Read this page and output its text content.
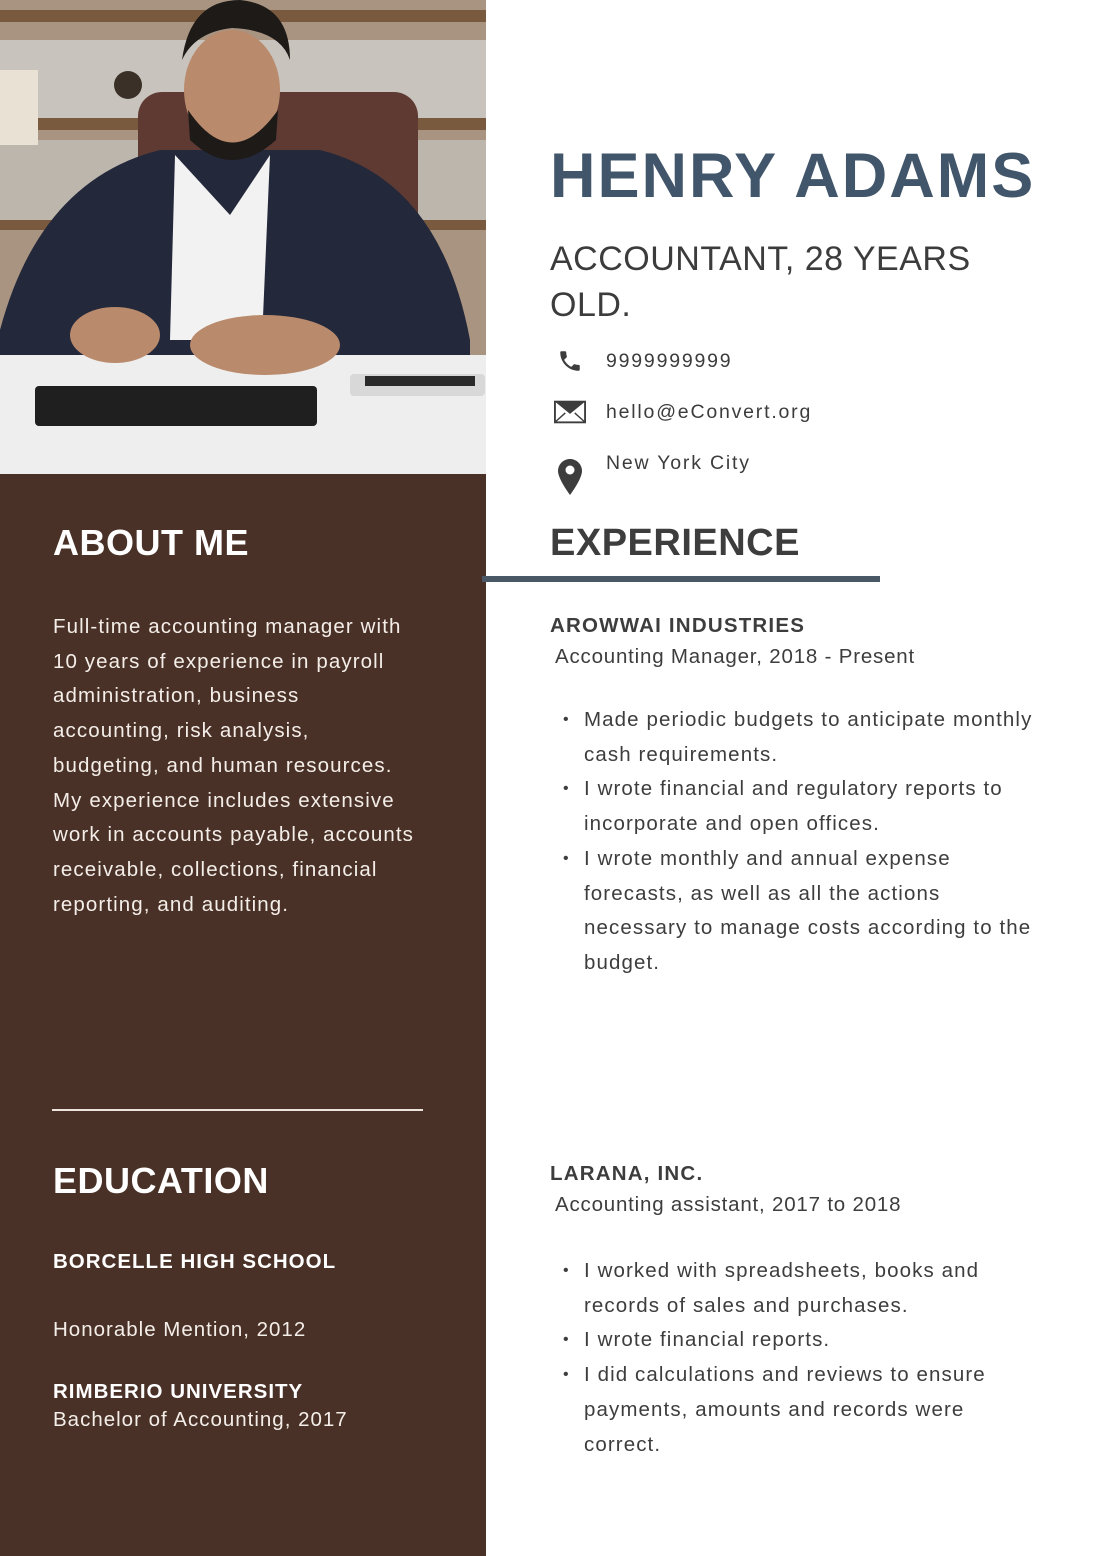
ABOUT ME

Full-time accounting manager with 10 years of experience in payroll administration, business accounting, risk analysis, budgeting, and human resources. My experience includes extensive work in accounts payable, accounts receivable, collections, financial reporting, and auditing.

EDUCATION

BORCELLE HIGH SCHOOL

Honorable Mention, 2012

RIMBERIO UNIVERSITY

Bachelor of Accounting, 2017

HENRY ADAMS

ACCOUNTANT, 28 YEARS OLD.

9999999999
hello@eConvert.org
New York City
EXPERIENCE

AROWWAI INDUSTRIES

Accounting Manager, 2018 - Present

• Made periodic budgets to anticipate monthly cash requirements.
• I wrote financial and regulatory reports to incorporate and open offices.
• I wrote monthly and annual expense forecasts, as well as all the actions necessary to manage costs according to the budget.

LARANA, INC.

Accounting assistant, 2017 to 2018

• I worked with spreadsheets, books and records of sales and purchases.
• I wrote financial reports.
• I did calculations and reviews to ensure payments, amounts and records were correct.
